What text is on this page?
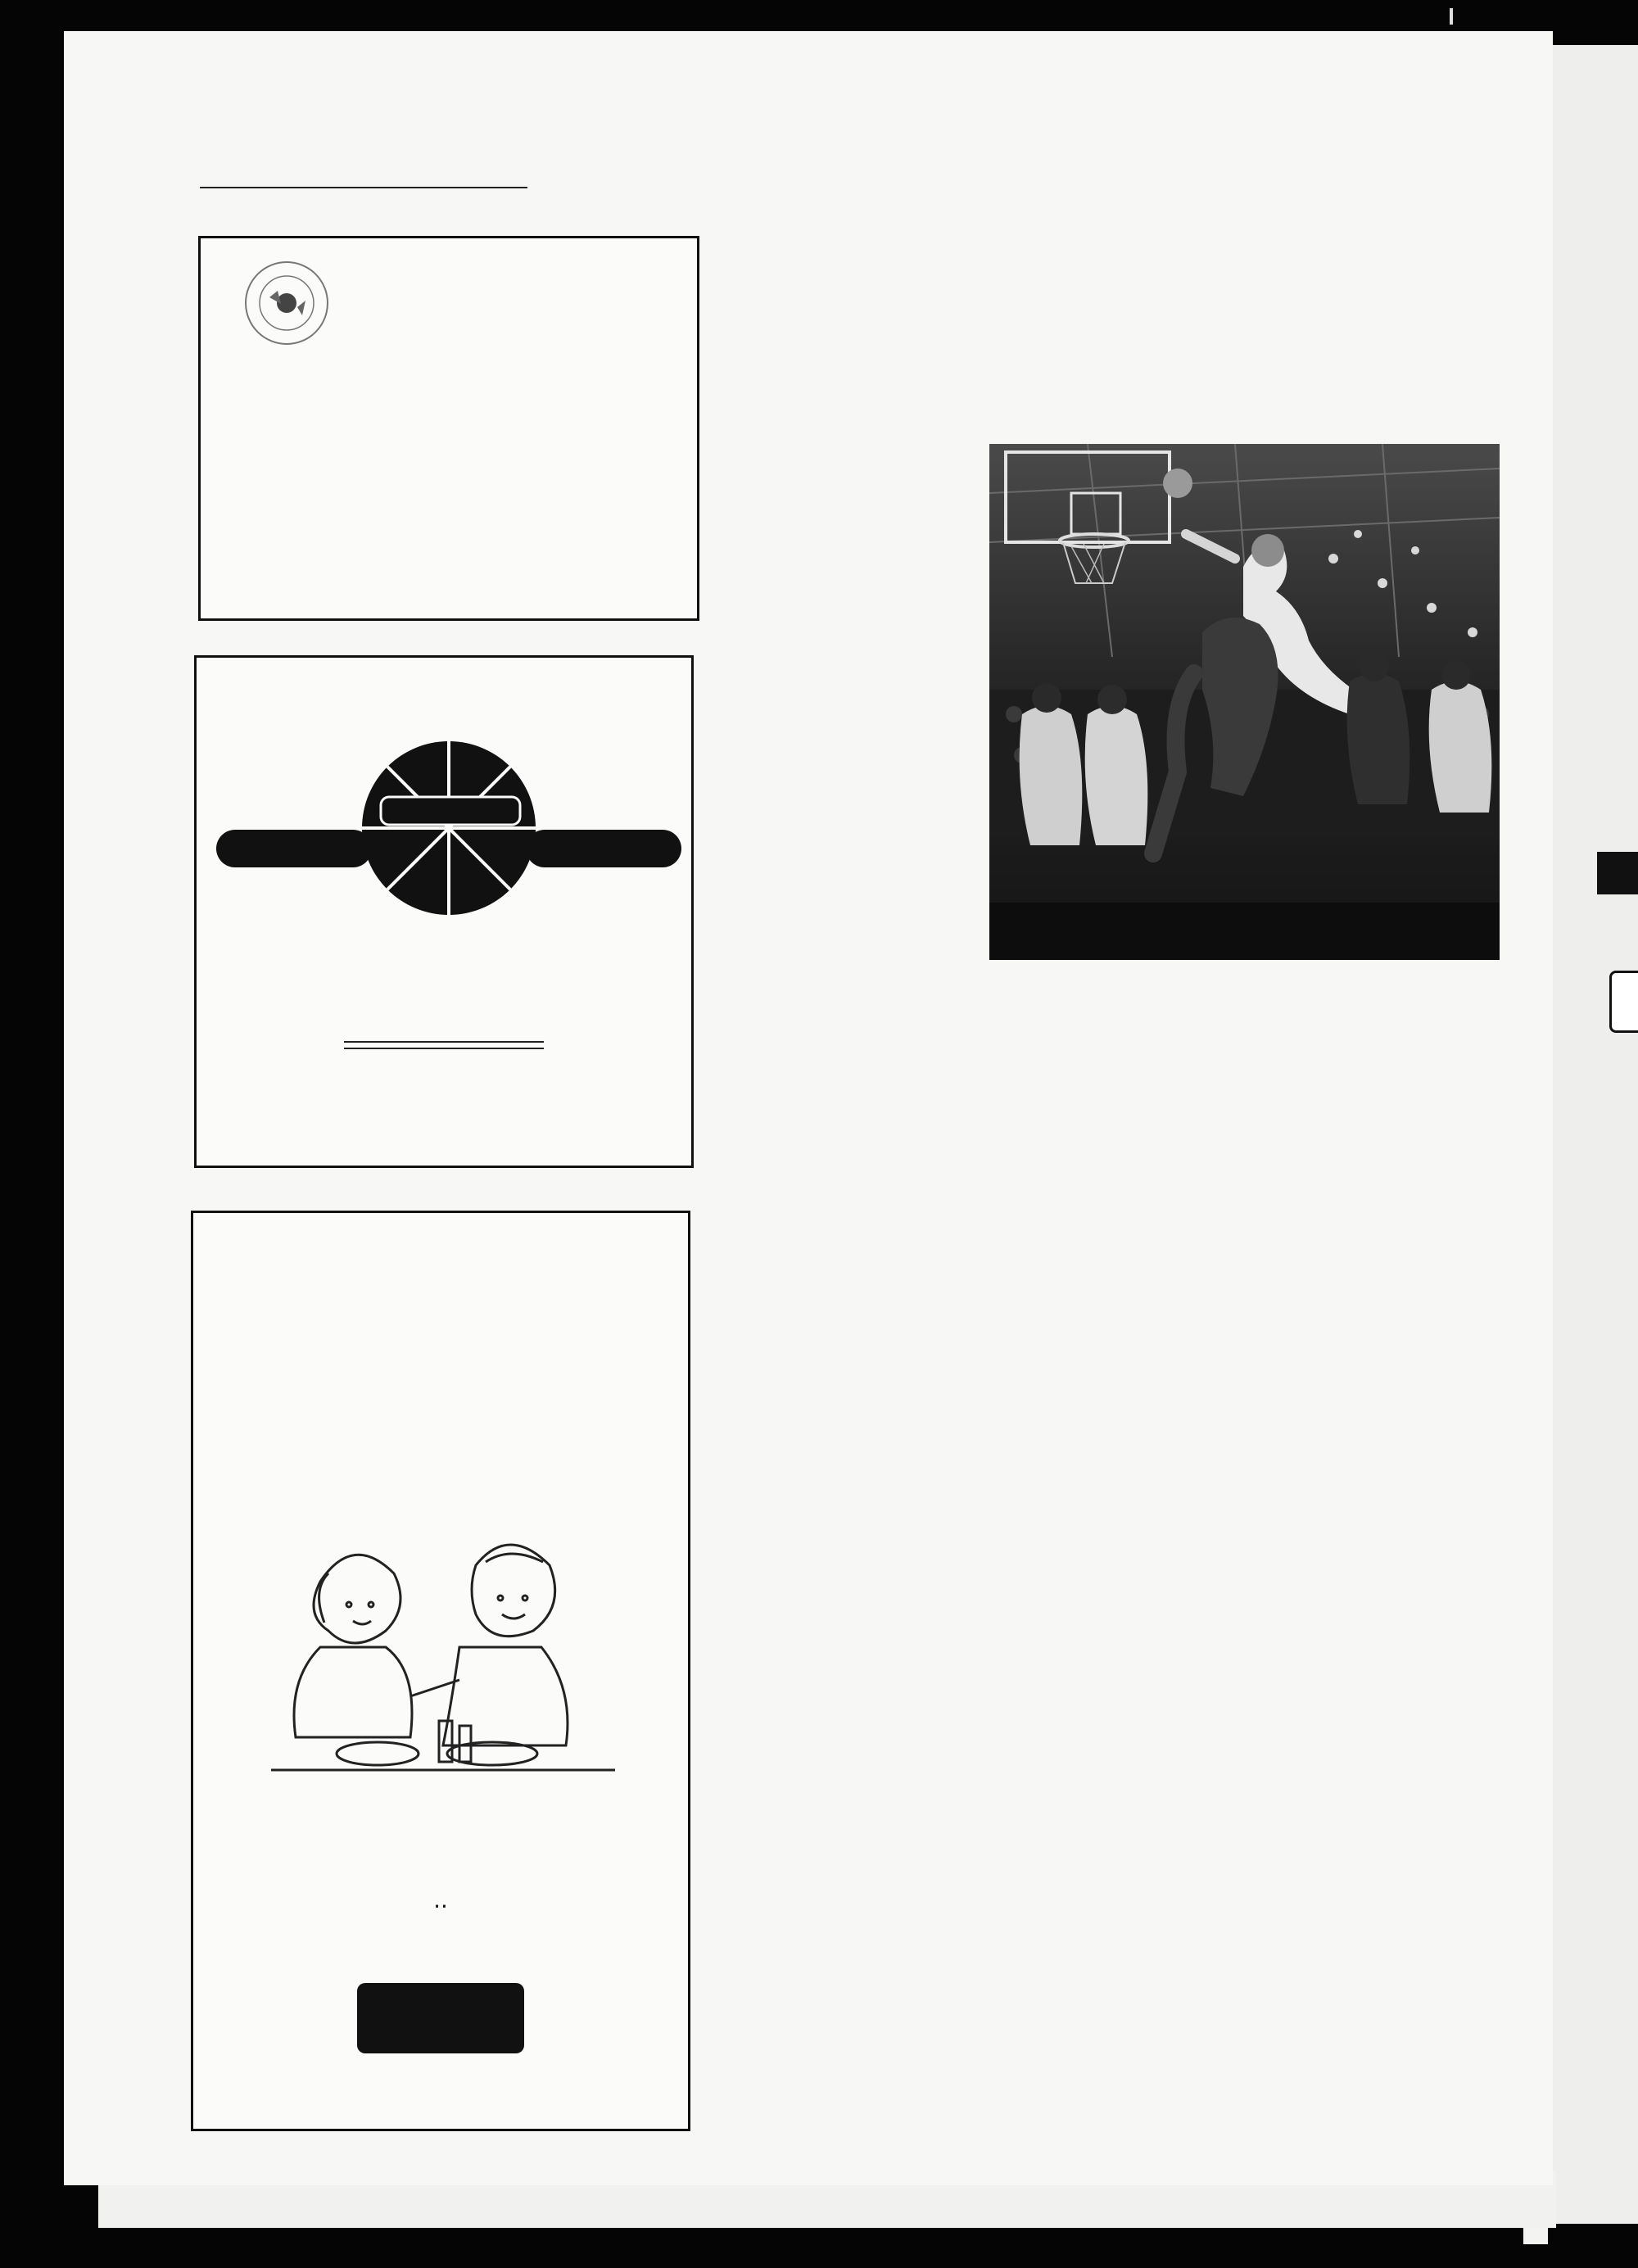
..
